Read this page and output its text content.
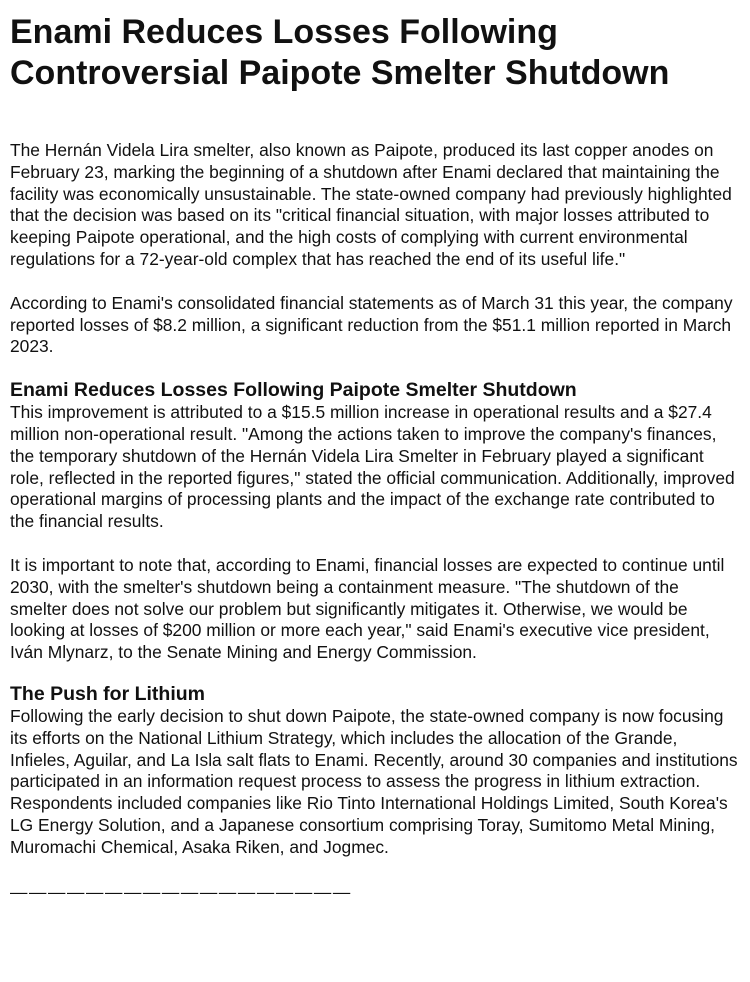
Enami Reduces Losses Following Controversial Paipote Smelter Shutdown

The Hernán Videla Lira smelter, also known as Paipote, produced its last copper anodes on February 23, marking the beginning of a shutdown after Enami declared that maintaining the facility was economically unsustainable. The state-owned company had previously highlighted that the decision was based on its "critical financial situation, with major losses attributed to keeping Paipote operational, and the high costs of complying with current environmental regulations for a 72-year-old complex that has reached the end of its useful life."

According to Enami's consolidated financial statements as of March 31 this year, the company reported losses of $8.2 million, a significant reduction from the $51.1 million reported in March 2023.

Enami Reduces Losses Following Paipote Smelter Shutdown

This improvement is attributed to a $15.5 million increase in operational results and a $27.4 million non-operational result. "Among the actions taken to improve the company's finances, the temporary shutdown of the Hernán Videla Lira Smelter in February played a significant role, reflected in the reported figures," stated the official communication. Additionally, improved operational margins of processing plants and the impact of the exchange rate contributed to the financial results.

It is important to note that, according to Enami, financial losses are expected to continue until 2030, with the smelter's shutdown being a containment measure. "The shutdown of the smelter does not solve our problem but significantly mitigates it. Otherwise, we would be looking at losses of $200 million or more each year," said Enami's executive vice president, Iván Mlynarz, to the Senate Mining and Energy Commission.

The Push for Lithium

Following the early decision to shut down Paipote, the state-owned company is now focusing its efforts on the National Lithium Strategy, which includes the allocation of the Grande, Infieles, Aguilar, and La Isla salt flats to Enami. Recently, around 30 companies and institutions participated in an information request process to assess the progress in lithium extraction. Respondents included companies like Rio Tinto International Holdings Limited, South Korea's LG Energy Solution, and a Japanese consortium comprising Toray, Sumitomo Metal Mining, Muromachi Chemical, Asaka Riken, and Jogmec.

——————————————————
